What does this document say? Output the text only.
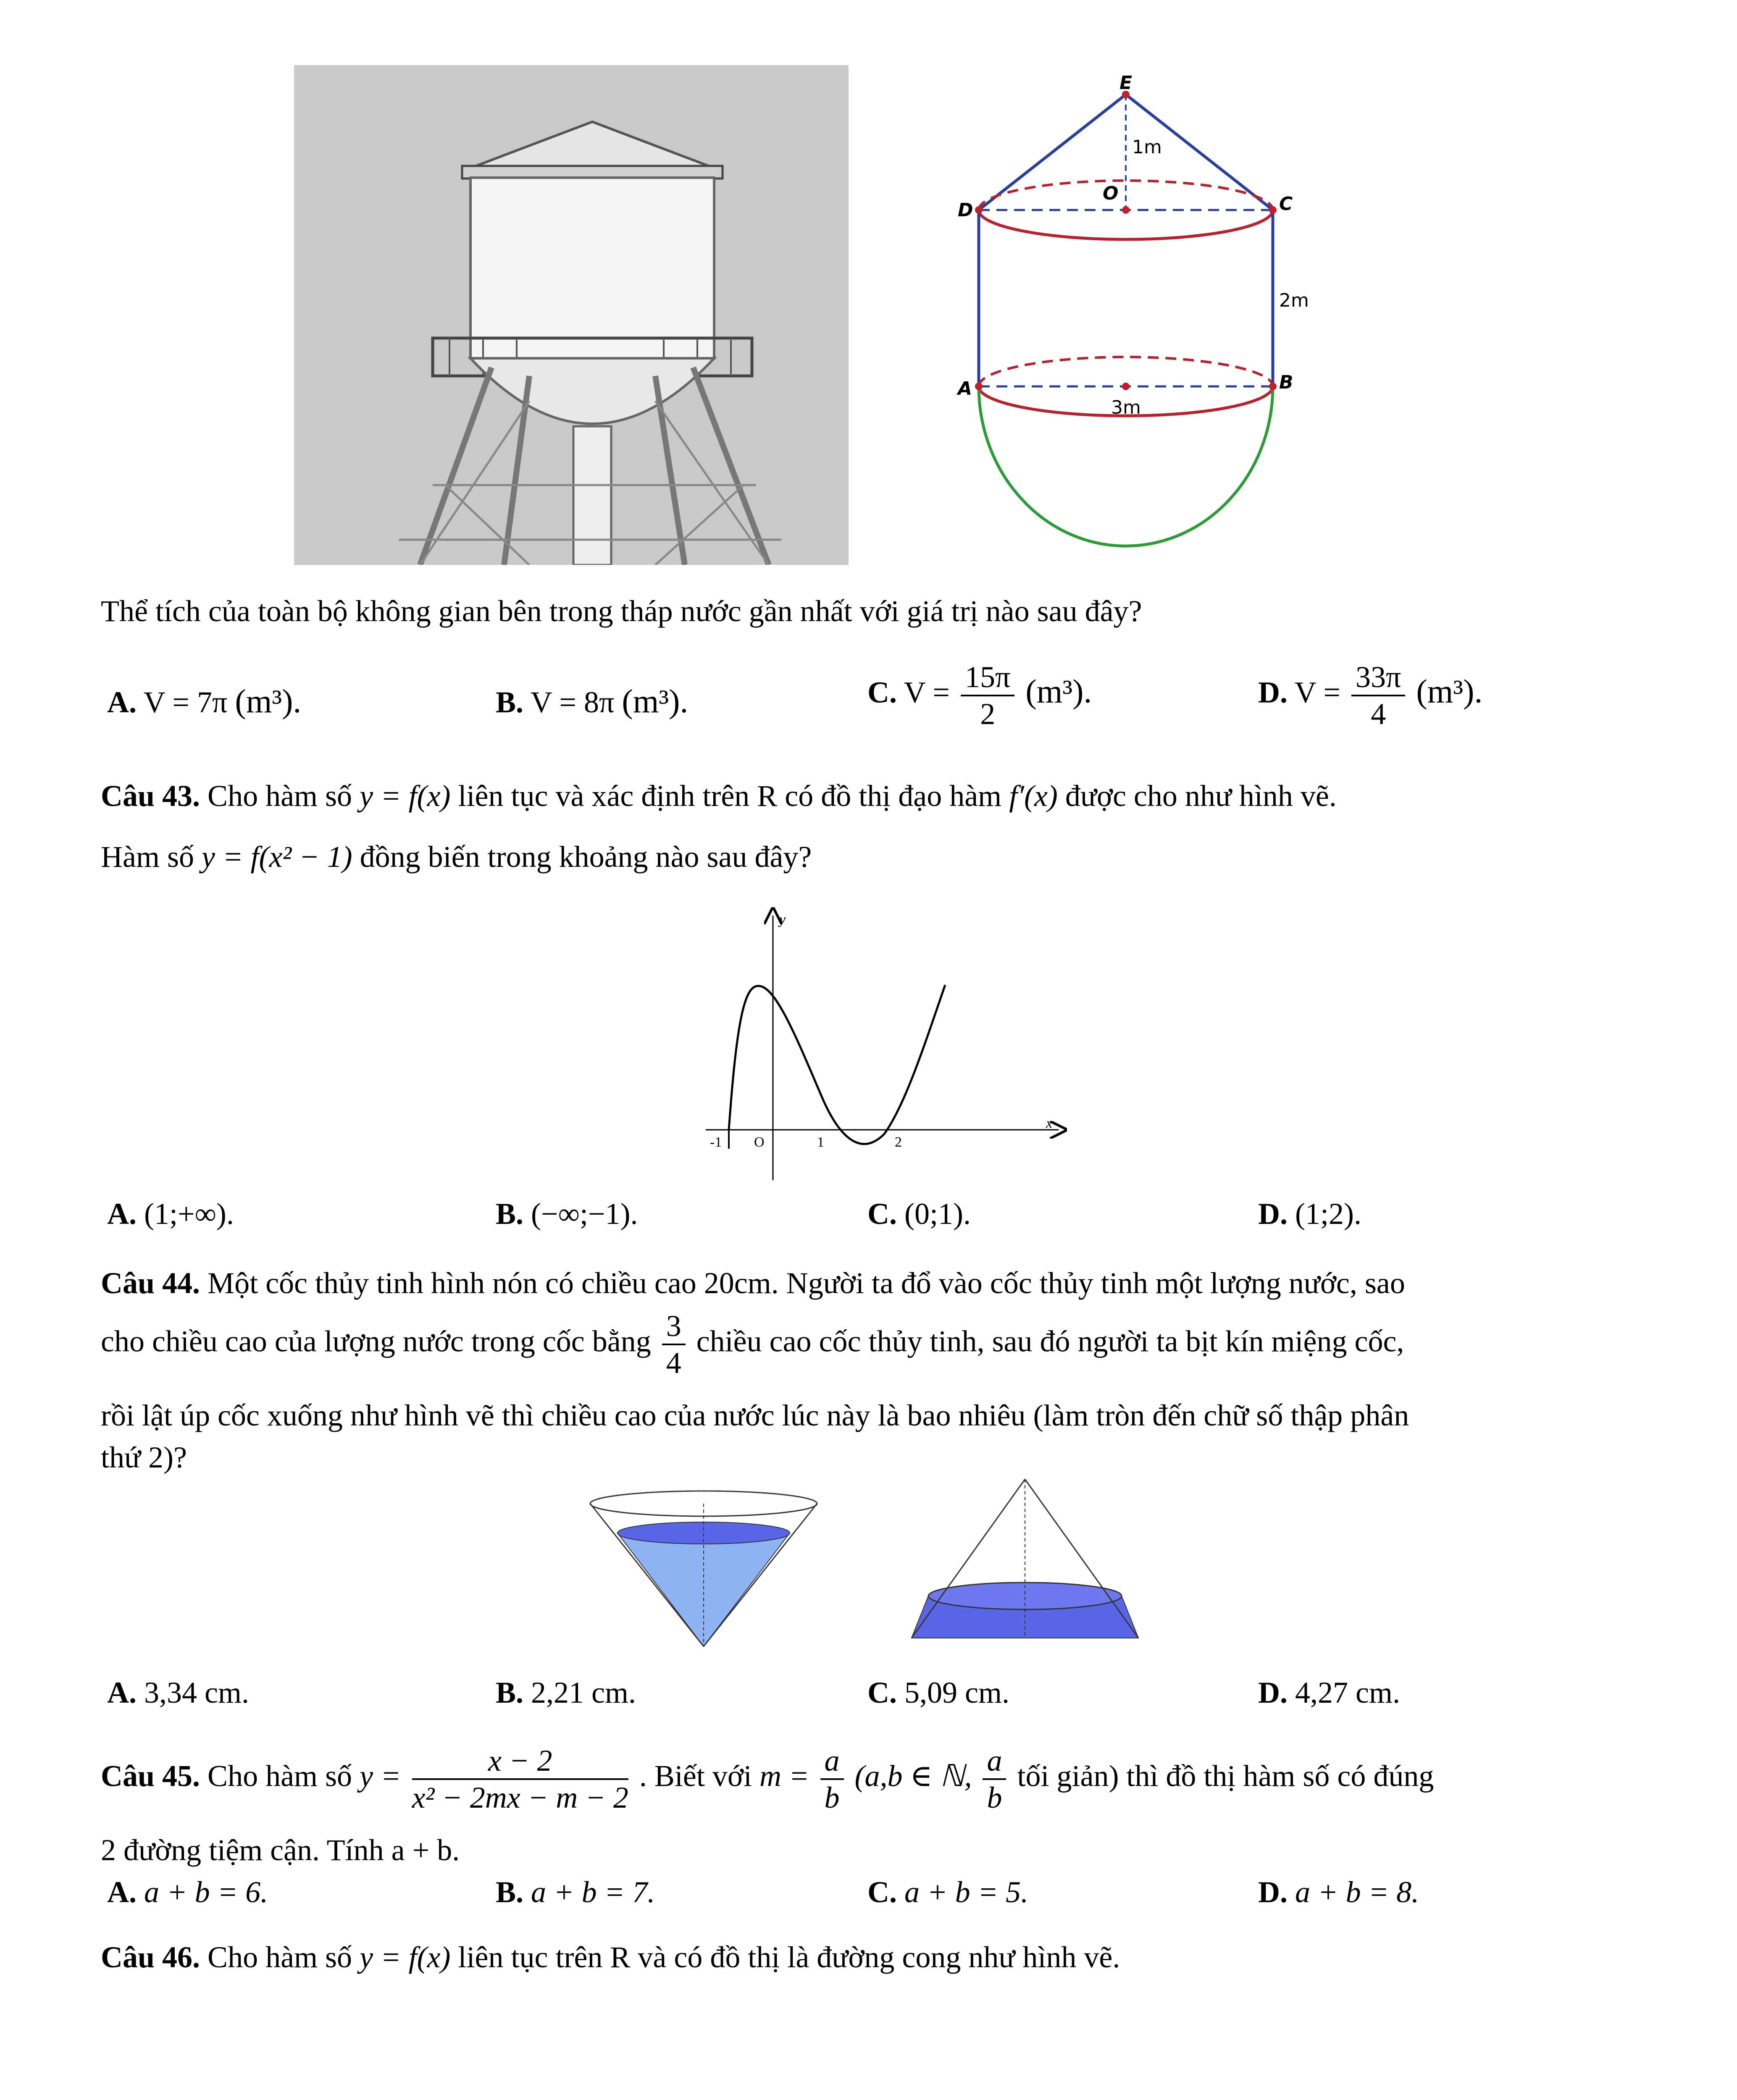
E
D	C
O
A	B
1m
2m
3m
Thể tích của toàn bộ không gian bên trong tháp nước gần nhất với giá trị nào sau đây?
A. V = 7π (m³).	B. V = 8π (m³).	C. $V = \frac{15\pi}{2} (m^3)$.	D. $V = \frac{33\pi}{4} (m^3)$.
Câu 43. Cho hàm số y = f(x) liên tục và xác định trên R có đồ thị đạo hàm f′(x) được cho như hình vẽ.
Hàm số y = f(x² − 1) đồng biến trong khoảng nào sau đây?
x
y
-1 O	1	2
A. (1;+∞).	B. (−∞;−1).	C. (0;1).	D. (1;2).
Câu 44. Một cốc thủy tinh hình nón có chiều cao 20cm. Người ta đổ vào cốc thủy tinh một lượng nước, sao
cho chiều cao của lượng nước trong cốc bằng $\frac{3}{4}$ chiều cao cốc thủy tinh, sau đó người ta bịt kín miệng cốc,
rồi lật úp cốc xuống như hình vẽ thì chiều cao của nước lúc này là bao nhiêu (làm tròn đến chữ số thập phân
thứ 2)?
A. 3,34 cm.	B. 2,21 cm.	C. 5,09 cm.	D. 4,27 cm.
Câu 45. Cho hàm số $y = \frac{x - 2}{\text{x² − 2mx − m − 2}}$ . Biết với $m = \frac{a}{b} (a,b$ ∈ ℕ, $\frac{a}{b}$ tối giản) thì đồ thị hàm số có đúng
2 đường tiệm cận. Tính a + b.
A. a + b = 6.	B. a + b = 7.	C. a + b = 5.	D. a + b = 8.
Câu 46. Cho hàm số y = f(x) liên tục trên R và có đồ thị là đường cong như hình vẽ.
